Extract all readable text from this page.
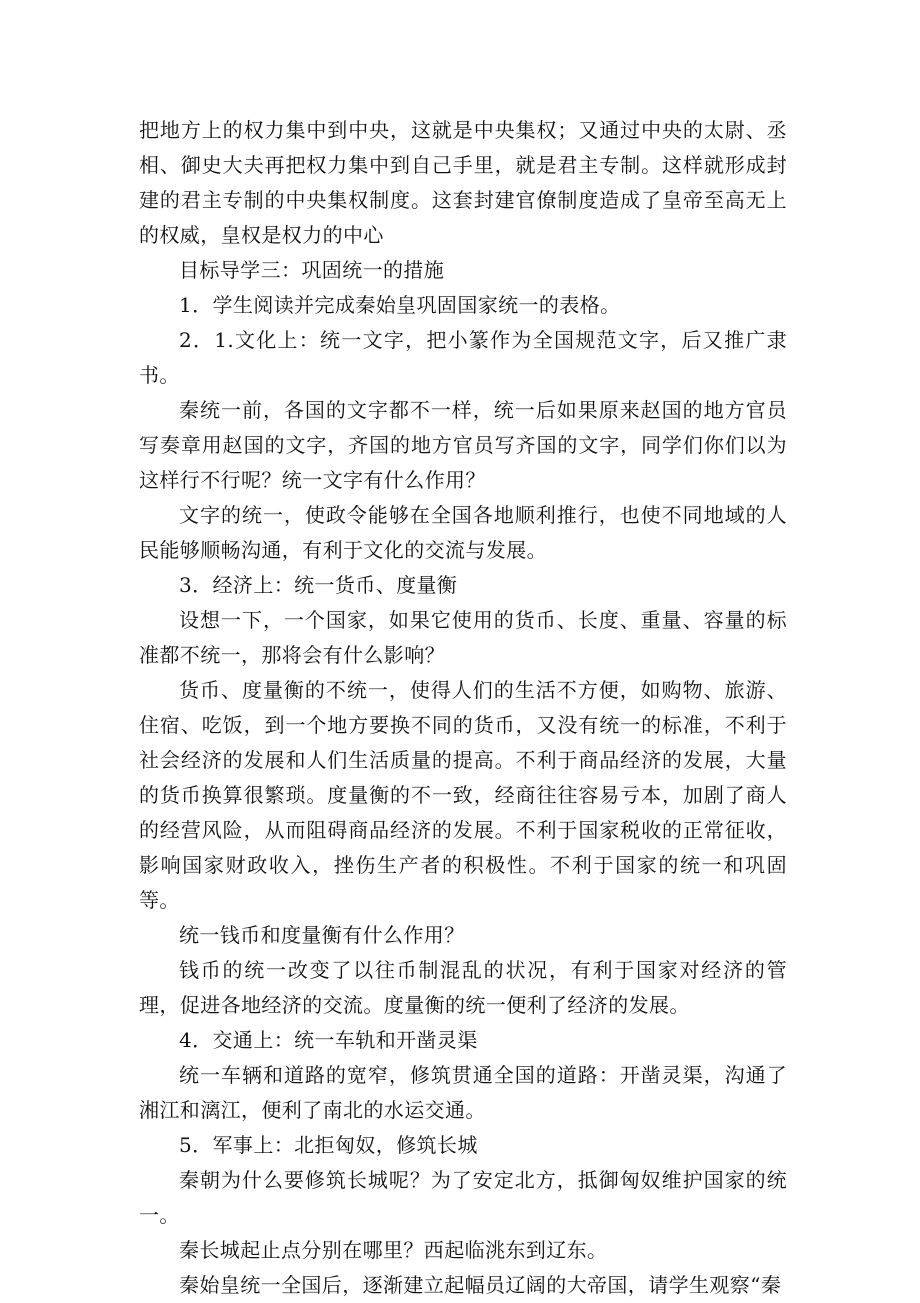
把地方上的权力集中到中央，这就是中央集权；又通过中央的太尉、丞相、御史大夫再把权力集中到自己手里，就是君主专制。这样就形成封建的君主专制的中央集权制度。这套封建官僚制度造成了皇帝至高无上的权威，皇权是权力的中心

目标导学三：巩固统一的措施

1．学生阅读并完成秦始皇巩固国家统一的表格。

2．1.文化上：统一文字，把小篆作为全国规范文字，后又推广隶书。

秦统一前，各国的文字都不一样，统一后如果原来赵国的地方官员写奏章用赵国的文字，齐国的地方官员写齐国的文字，同学们你们以为这样行不行呢？统一文字有什么作用？

文字的统一，使政令能够在全国各地顺利推行，也使不同地域的人民能够顺畅沟通，有利于文化的交流与发展。

3．经济上：统一货币、度量衡

设想一下，一个国家，如果它使用的货币、长度、重量、容量的标准都不统一，那将会有什么影响？

货币、度量衡的不统一，使得人们的生活不方便，如购物、旅游、住宿、吃饭，到一个地方要换不同的货币，又没有统一的标准，不利于社会经济的发展和人们生活质量的提高。不利于商品经济的发展，大量的货币换算很繁琐。度量衡的不一致，经商往往容易亏本，加剧了商人的经营风险，从而阻碍商品经济的发展。不利于国家税收的正常征收，影响国家财政收入，挫伤生产者的积极性。不利于国家的统一和巩固等。

统一钱币和度量衡有什么作用？

钱币的统一改变了以往币制混乱的状况，有利于国家对经济的管理，促进各地经济的交流。度量衡的统一便利了经济的发展。

4．交通上：统一车轨和开凿灵渠

统一车辆和道路的宽窄，修筑贯通全国的道路：开凿灵渠，沟通了湘江和漓江，便利了南北的水运交通。

5．军事上：北拒匈奴，修筑长城

秦朝为什么要修筑长城呢？为了安定北方，抵御匈奴维护国家的统一。

秦长城起止点分别在哪里？西起临洮东到辽东。

秦始皇统一全国后，逐渐建立起幅员辽阔的大帝国，请学生观察“秦
